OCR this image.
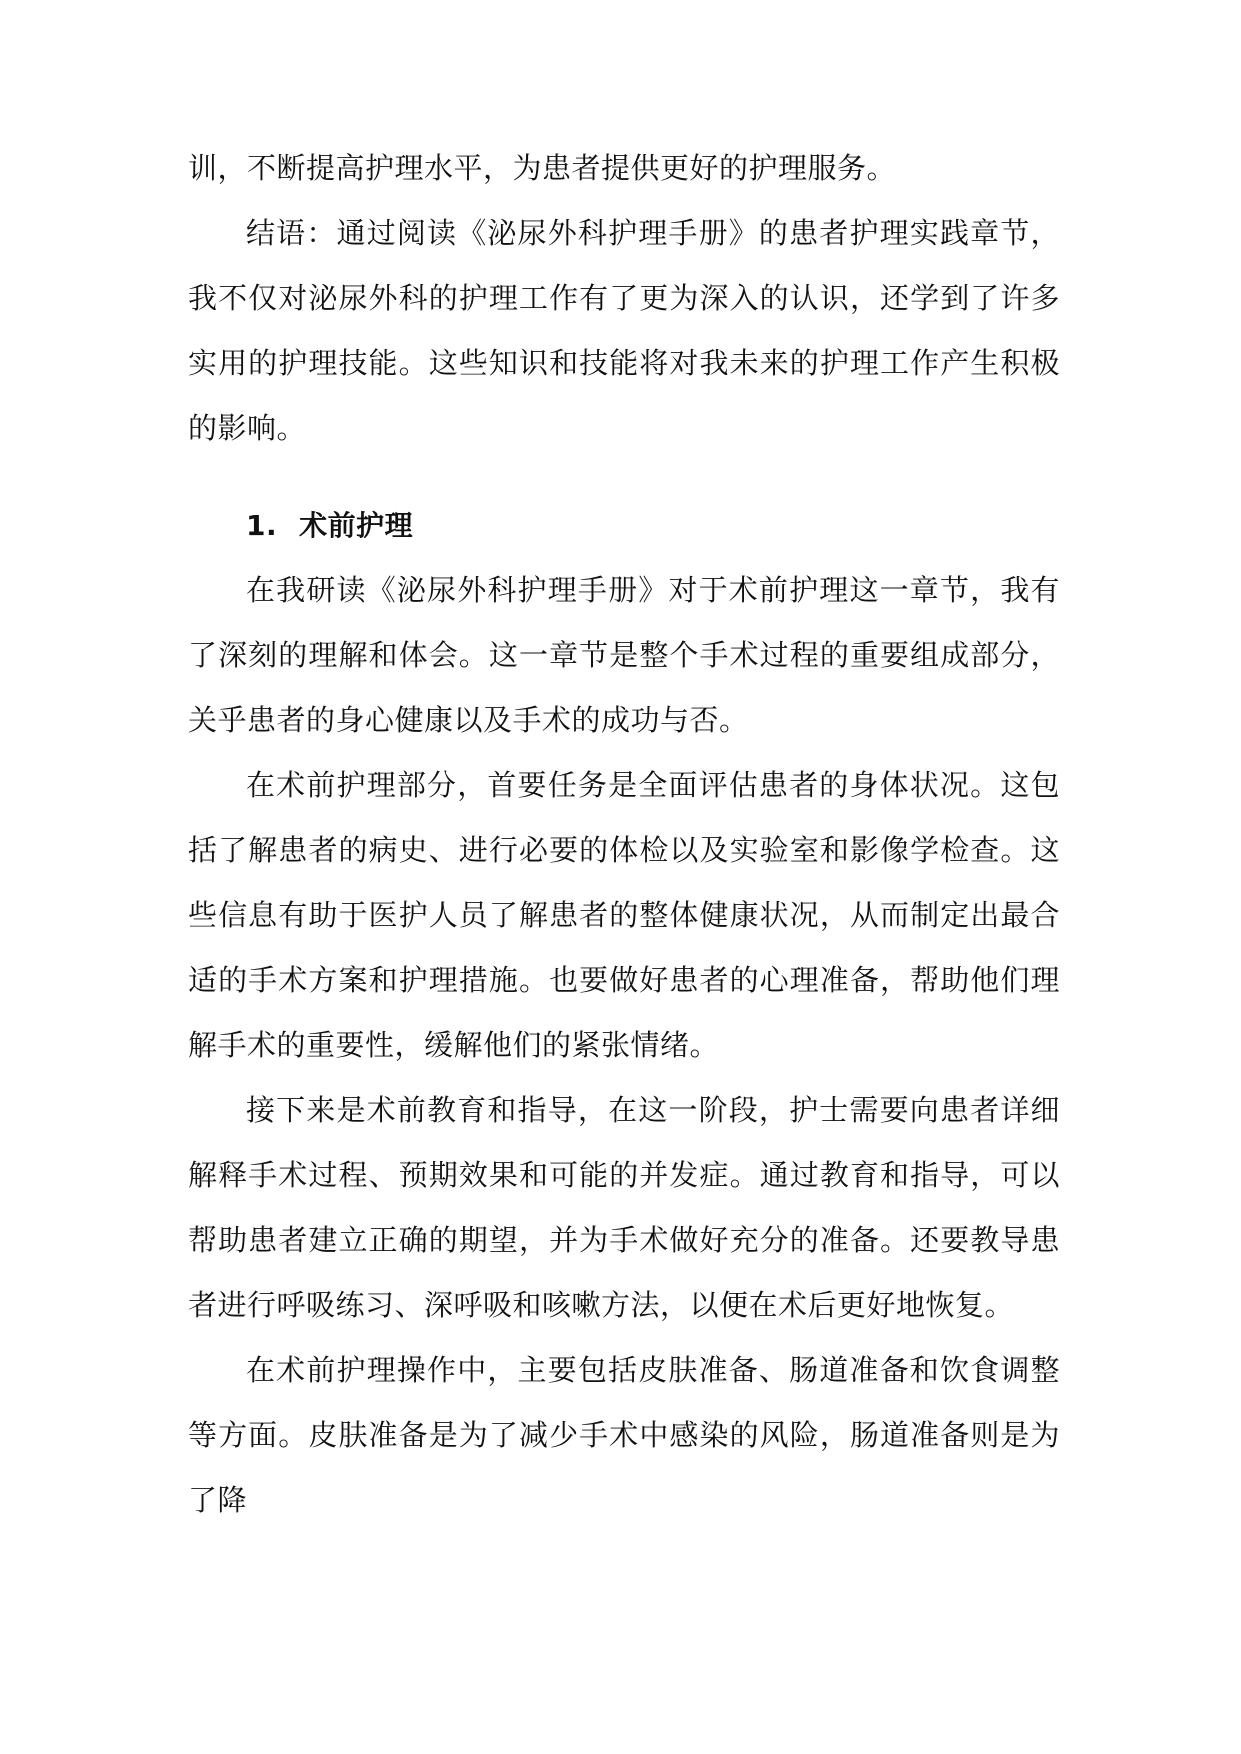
训，不断提高护理水平，为患者提供更好的护理服务。

结语：通过阅读《泌尿外科护理手册》的患者护理实践章节，我不仅对泌尿外科的护理工作有了更为深入的认识，还学到了许多实用的护理技能。这些知识和技能将对我未来的护理工作产生积极的影响。

1. 术前护理

在我研读《泌尿外科护理手册》对于术前护理这一章节，我有了深刻的理解和体会。这一章节是整个手术过程的重要组成部分，关乎患者的身心健康以及手术的成功与否。

在术前护理部分，首要任务是全面评估患者的身体状况。这包括了解患者的病史、进行必要的体检以及实验室和影像学检查。这些信息有助于医护人员了解患者的整体健康状况，从而制定出最合适的手术方案和护理措施。也要做好患者的心理准备，帮助他们理解手术的重要性，缓解他们的紧张情绪。

接下来是术前教育和指导，在这一阶段，护士需要向患者详细解释手术过程、预期效果和可能的并发症。通过教育和指导，可以帮助患者建立正确的期望，并为手术做好充分的准备。还要教导患者进行呼吸练习、深呼吸和咳嗽方法，以便在术后更好地恢复。

在术前护理操作中，主要包括皮肤准备、肠道准备和饮食调整等方面。皮肤准备是为了减少手术中感染的风险，肠道准备则是为了降
